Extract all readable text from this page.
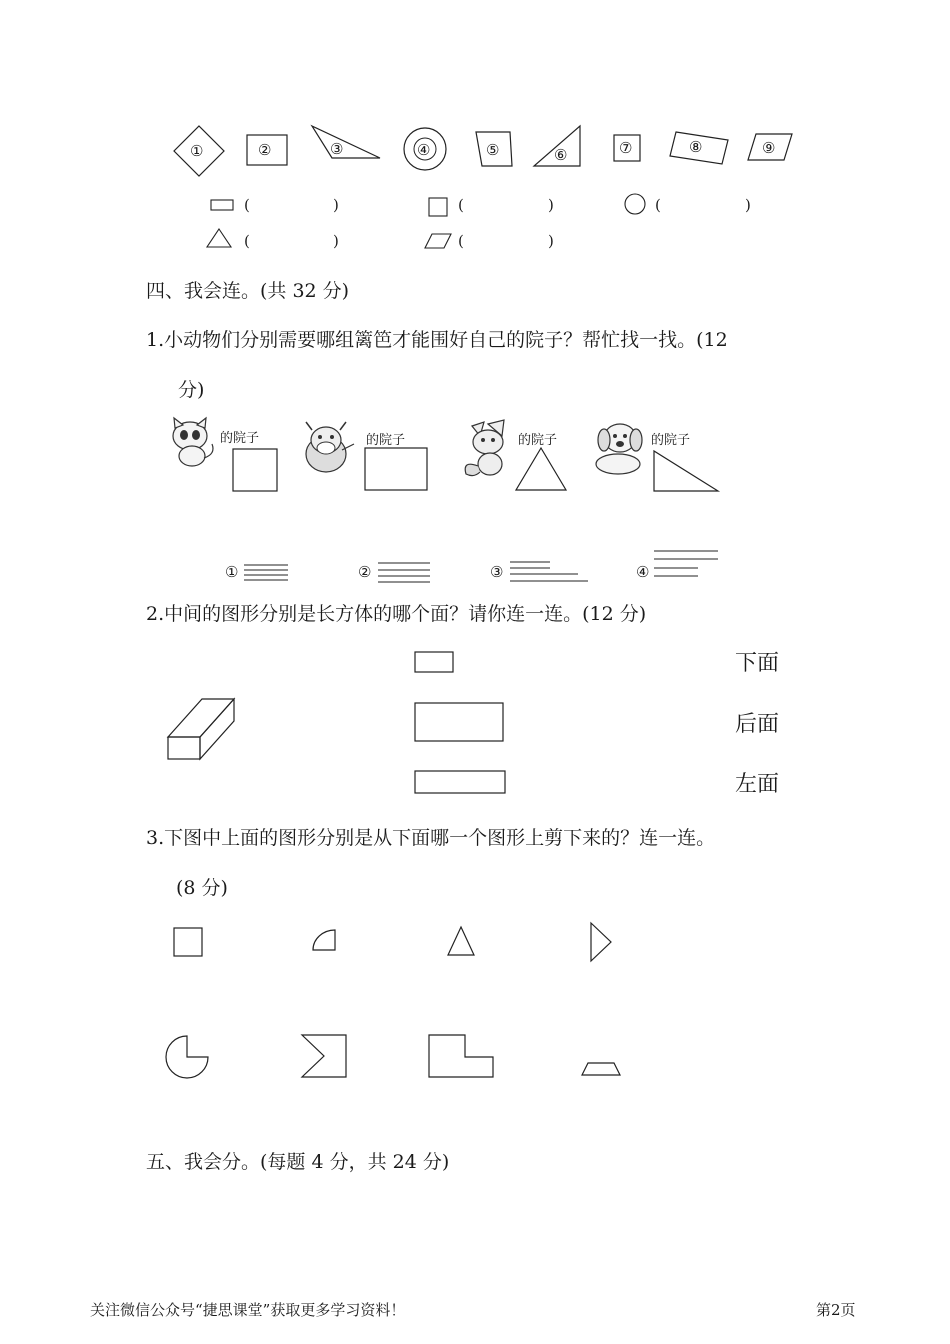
①	②	③	④	⑤	⑥	⑦	⑧	⑨
(	)	(	)	(	)
(	)	(	)
四、我会连。(共 32 分)
1.小动物们分别需要哪组篱笆才能围好自己的院子？帮忙找一找。(12
分)
的院子	的院子	的院子	的院子
①	②	③	④
2.中间的图形分别是长方体的哪个面？请你连一连。(12 分)
下面
后面
左面
3.下图中上面的图形分别是从下面哪一个图形上剪下来的？连一连。
(8 分)
五、我会分。(每题 4 分，共 24 分)
关注微信公众号“捷思课堂”获取更多学习资料！	第2页
